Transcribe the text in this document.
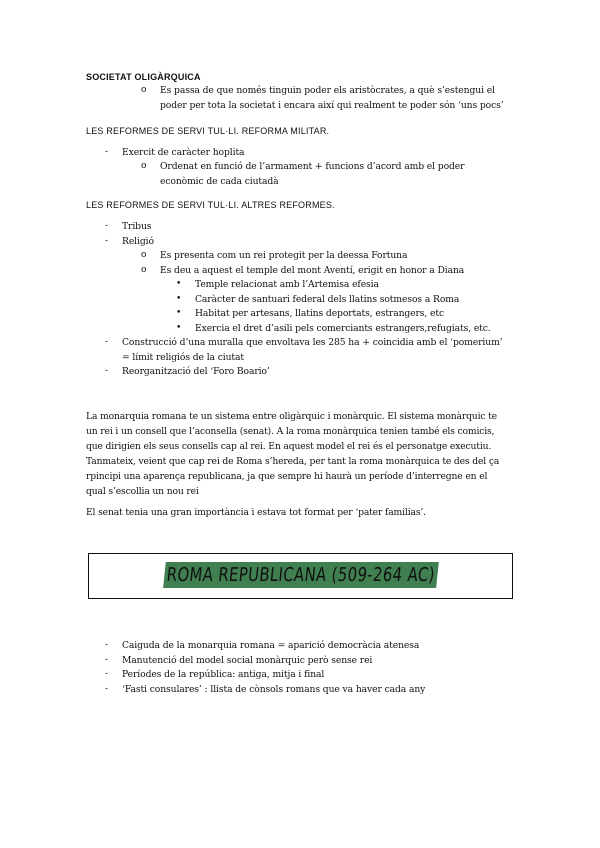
SOCIETAT OLIGÀRQUICA
o Es passa de que només tinguin poder els aristòcrates, a què s’estengui el
poder per tota la societat i encara així qui realment te poder són ‘uns pocs’
LES REFORMES DE SERVI TUL·LI. REFORMA MILITAR.
- Exercit de caràcter hoplita
o Ordenat en funció de l’armament + funcions d’acord amb el poder
econòmic de cada ciutadà
LES REFORMES DE SERVI TUL·LI. ALTRES REFORMES.
- Tribus
- Religió
o Es presenta com un rei protegit per la deessa Fortuna
o Es deu a aquest el temple del mont Aventí, erigit en honor a Diana
• Temple relacionat amb l’Artemisa efesia
• Caràcter de santuari federal dels llatins sotmesos a Roma
• Habitat per artesans, llatins deportats, estrangers, etc
• Exercia el dret d’asili pels comerciants estrangers,refugiats, etc.
- Construcció d’una muralla que envoltava les 285 ha + coincidia amb el ‘pomerium’
= límit religiós de la ciutat
- Reorganització del ‘Foro Boario’
La monarquia romana te un sistema entre oligàrquic i monàrquic. El sistema monàrquic te
un rei i un consell que l’aconsella (senat). A la roma monàrquica tenien també els comicis,
que dirigien els seus consells cap al rei. En aquest model el rei és el personatge executiu.
Tanmateix, veient que cap rei de Roma s’hereda, per tant la roma monàrquica te des del ça
rpincipi una aparença republicana, ja que sempre hi haurà un període d’interregne en el
qual s’escollia un nou rei
El senat tenia una gran importància i estava tot format per ‘pater familias’.
ROMA REPUBLICANA (509-264 AC)
- Caiguda de la monarquia romana = aparició democràcia atenesa
- Manutenció del model social monàrquic però sense rei
- Períodes de la república: antiga, mitja i final
- ‘Fasti consulares’ : llista de cònsols romans que va haver cada any
